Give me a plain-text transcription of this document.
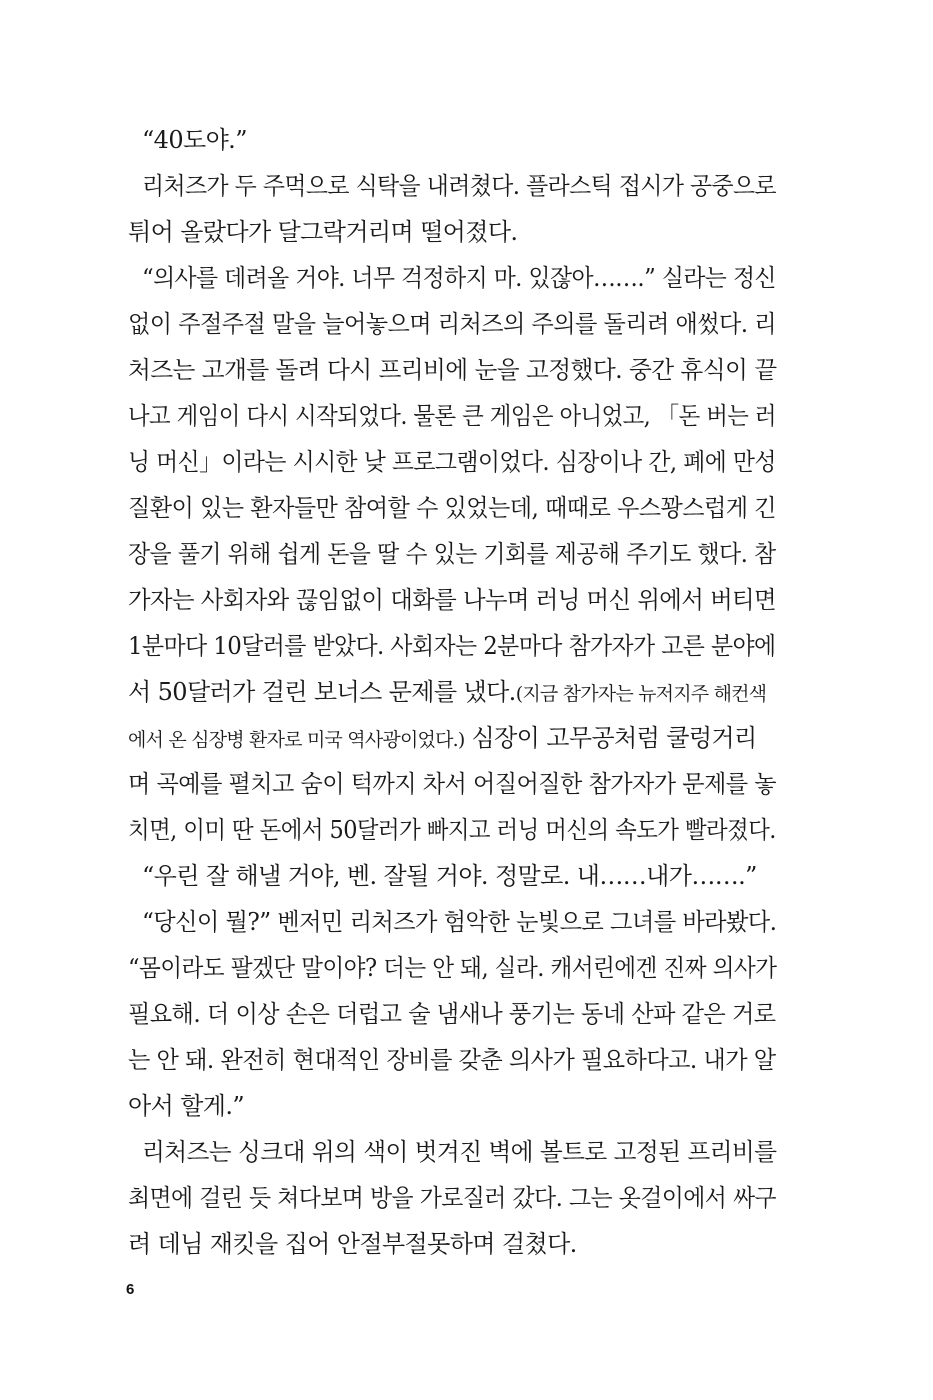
“40도야.”
리처즈가 두 주먹으로 식탁을 내려쳤다. 플라스틱 접시가 공중으로
튀어 올랐다가 달그락거리며 떨어졌다.
“의사를 데려올 거야. 너무 걱정하지 마. 있잖아…….” 실라는 정신
없이 주절주절 말을 늘어놓으며 리처즈의 주의를 돌리려 애썼다. 리
처즈는 고개를 돌려 다시 프리비에 눈을 고정했다. 중간 휴식이 끝
나고 게임이 다시 시작되었다. 물론 큰 게임은 아니었고, 「돈 버는 러
닝 머신」이라는 시시한 낮 프로그램이었다. 심장이나 간, 폐에 만성
질환이 있는 환자들만 참여할 수 있었는데, 때때로 우스꽝스럽게 긴
장을 풀기 위해 쉽게 돈을 딸 수 있는 기회를 제공해 주기도 했다. 참
가자는 사회자와 끊임없이 대화를 나누며 러닝 머신 위에서 버티면
1분마다 10달러를 받았다. 사회자는 2분마다 참가자가 고른 분야에
서 50달러가 걸린 보너스 문제를 냈다.(지금 참가자는 뉴저지주 해컨색
에서 온 심장병 환자로 미국 역사광이었다.) 심장이 고무공처럼 쿨렁거리
며 곡예를 펼치고 숨이 턱까지 차서 어질어질한 참가자가 문제를 놓
치면, 이미 딴 돈에서 50달러가 빠지고 러닝 머신의 속도가 빨라졌다.
“우린 잘 해낼 거야, 벤. 잘될 거야. 정말로. 내……내가…….”
“당신이 뭘?” 벤저민 리처즈가 험악한 눈빛으로 그녀를 바라봤다.
“몸이라도 팔겠단 말이야? 더는 안 돼, 실라. 캐서린에겐 진짜 의사가
필요해. 더 이상 손은 더럽고 술 냄새나 풍기는 동네 산파 같은 거로
는 안 돼. 완전히 현대적인 장비를 갖춘 의사가 필요하다고. 내가 알
아서 할게.”
리처즈는 싱크대 위의 색이 벗겨진 벽에 볼트로 고정된 프리비를
최면에 걸린 듯 쳐다보며 방을 가로질러 갔다. 그는 옷걸이에서 싸구
려 데님 재킷을 집어 안절부절못하며 걸쳤다.
6
